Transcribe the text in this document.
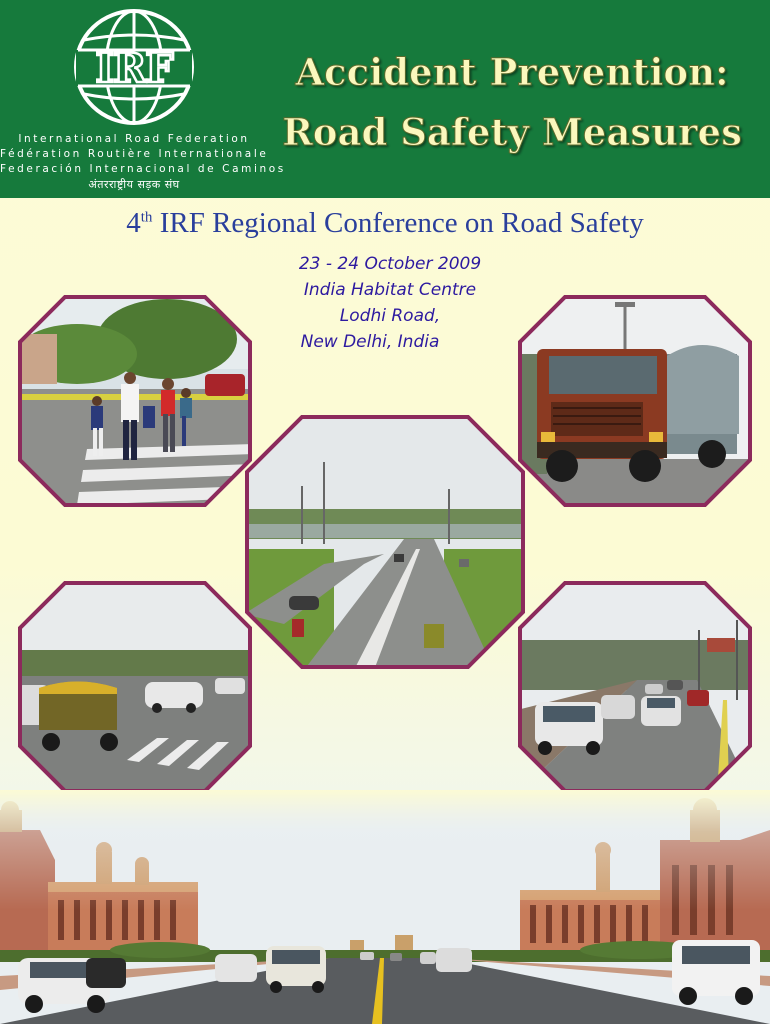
IRF
International Road Federation
Fédération Routière Internationale
Federación Internacional de Caminos
अंतरराष्ट्रीय सड़क संघ
Accident Prevention:
Road Safety Measures
4th IRF Regional Conference on Road Safety
23 - 24 October 2009
India Habitat Centre
Lodhi Road,
New Delhi, India
